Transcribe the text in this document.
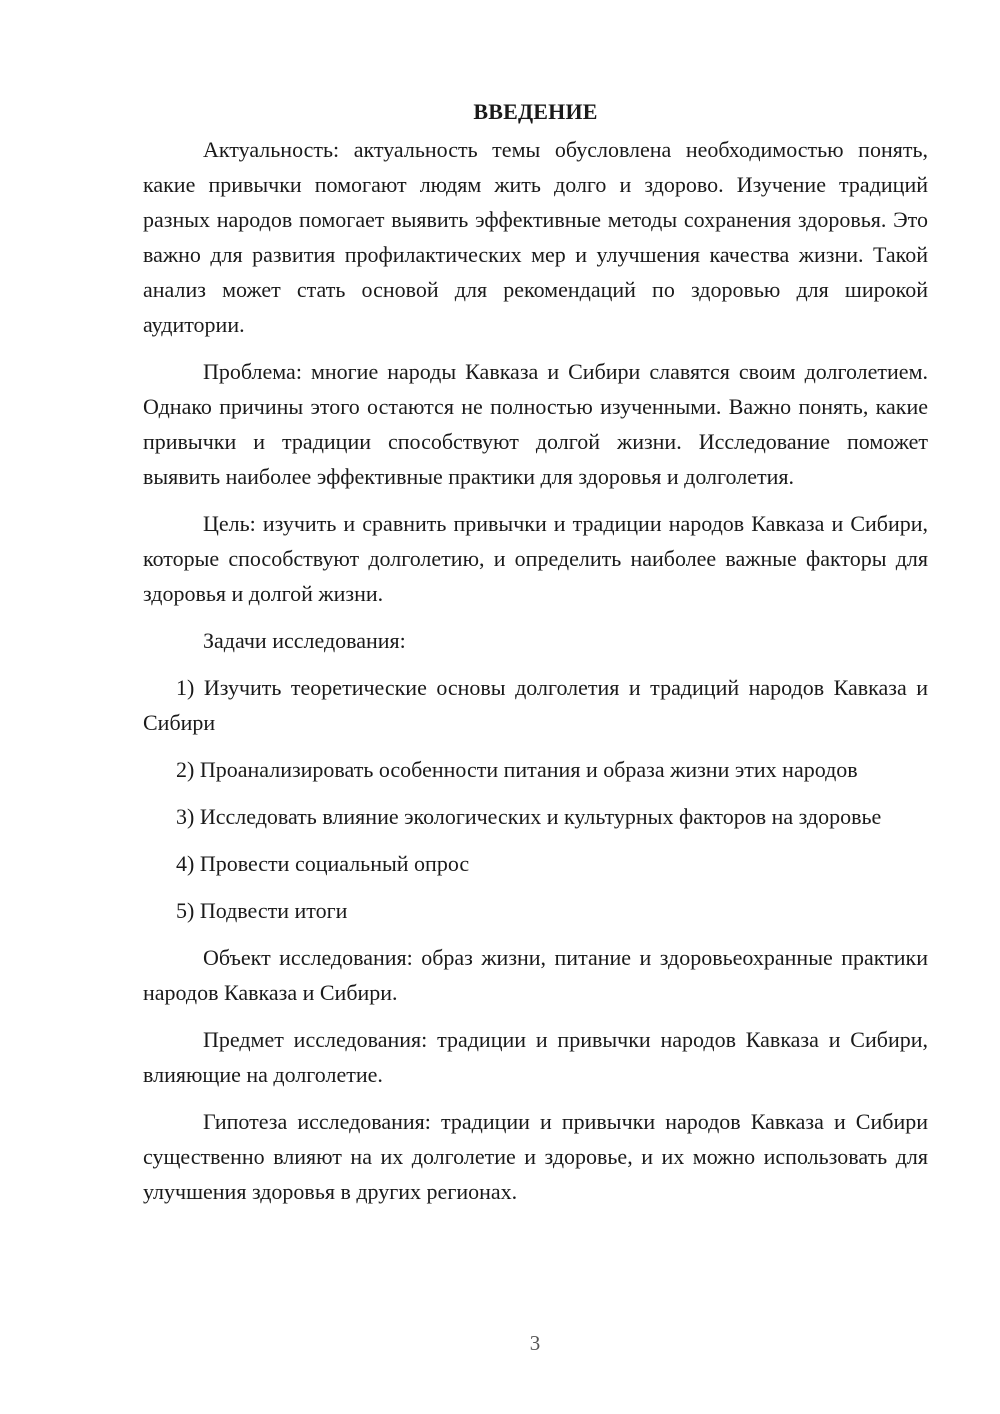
ВВЕДЕНИЕ

Актуальность: актуальность темы обусловлена необходимостью понять, какие привычки помогают людям жить долго и здорово. Изучение традиций разных народов помогает выявить эффективные методы сохранения здоровья. Это важно для развития профилактических мер и улучшения качества жизни. Такой анализ может стать основой для рекомендаций по здоровью для широкой аудитории.

Проблема: многие народы Кавказа и Сибири славятся своим долголетием. Однако причины этого остаются не полностью изученными. Важно понять, какие привычки и традиции способствуют долгой жизни. Исследование поможет выявить наиболее эффективные практики для здоровья и долголетия.

Цель: изучить и сравнить привычки и традиции народов Кавказа и Сибири, которые способствуют долголетию, и определить наиболее важные факторы для здоровья и долгой жизни.

Задачи исследования:

1) Изучить теоретические основы долголетия и традиций народов Кавказа и Сибири

2) Проанализировать особенности питания и образа жизни этих народов

3) Исследовать влияние экологических и культурных факторов на здоровье

4) Провести социальный опрос

5) Подвести итоги

Объект исследования: образ жизни, питание и здоровьеохранные практики народов Кавказа и Сибири.

Предмет исследования: традиции и привычки народов Кавказа и Сибири, влияющие на долголетие.

Гипотеза исследования: традиции и привычки народов Кавказа и Сибири существенно влияют на их долголетие и здоровье, и их можно использовать для улучшения здоровья в других регионах.

3
